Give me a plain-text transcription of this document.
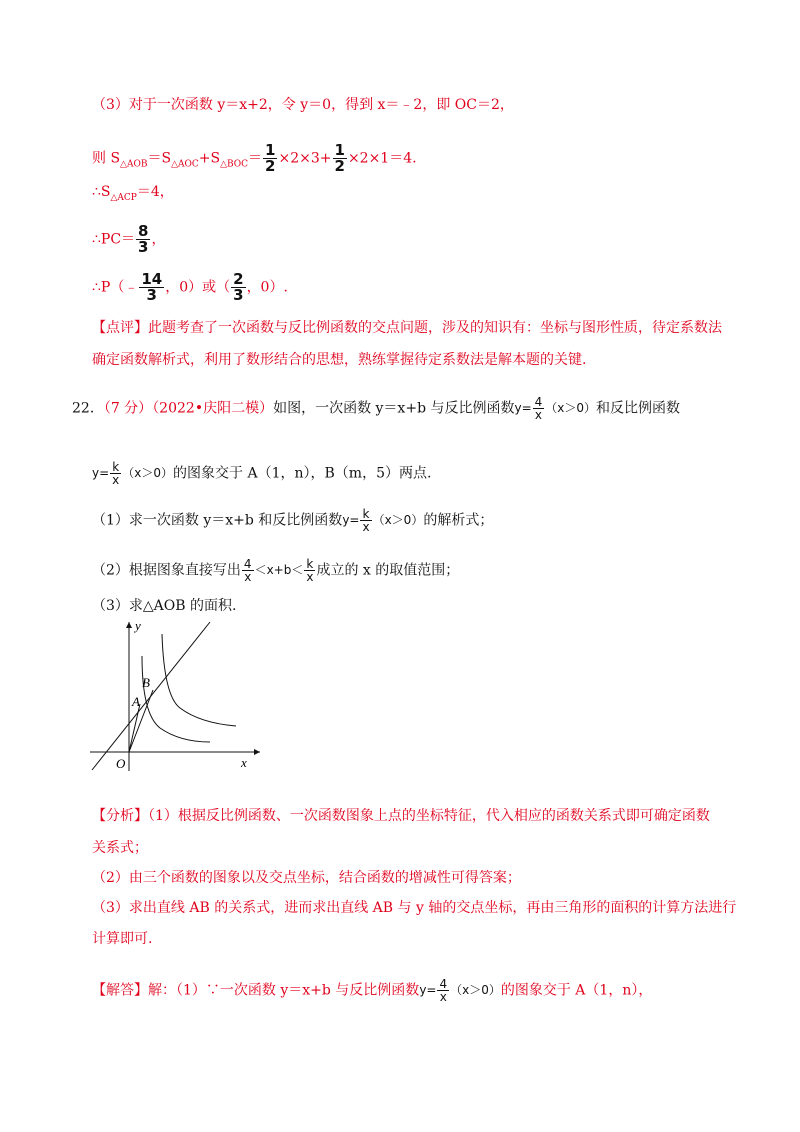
（3）对于一次函数 y＝x+2，令 y＝0，得到 x＝﹣2，即 OC＝2，
则 $S_{\triangle AOB}=S_{\triangle AOC}+S_{\triangle BOC}= \frac{1}{2} \times 2\times 3+ \frac{1}{2} \times 2\times 1=4$.
$\therefore S_{\triangle ACP}=4$，
∴PC＝ $\frac{8}{3}$ ，
∴P（﹣ $\frac{14}{3}$ ，0）或（ $\frac{2}{3}$ ，0）.
【点评】此题考查了一次函数与反比例函数的交点问题，涉及的知识有：坐标与图形性质，待定系数法
确定函数解析式，利用了数形结合的思想，熟练掌握待定系数法是解本题的关键.
22．（7 分）（2022•庆阳二模）如图，一次函数 y＝x+b 与反比例函数$y= \frac{4}{x} (x>0)$和反比例函数
$y= \frac{k}{x} (x>0)$的图象交于 A（1，n），B（m，5）两点.
（1）求一次函数 y＝x+b 和反比例函数$y= \frac{k}{x} (x>0)$的解析式；
（2）根据图象直接写出 $\frac{4}{x} <x+b< \frac{k}{x}$ 成立的 x 的取值范围；
（3）求△AOB 的面积.
y
x
O
A
B
【分析】（1）根据反比例函数、一次函数图象上点的坐标特征，代入相应的函数关系式即可确定函数
关系式；
（2）由三个函数的图象以及交点坐标，结合函数的增减性可得答案；
（3）求出直线 AB 的关系式，进而求出直线 AB 与 y 轴的交点坐标，再由三角形的面积的计算方法进行
计算即可.
【解答】解：（1）∵一次函数 y＝x+b 与反比例函数$y= \frac{4}{x} (x>0)$的图象交于 A（1，n），
